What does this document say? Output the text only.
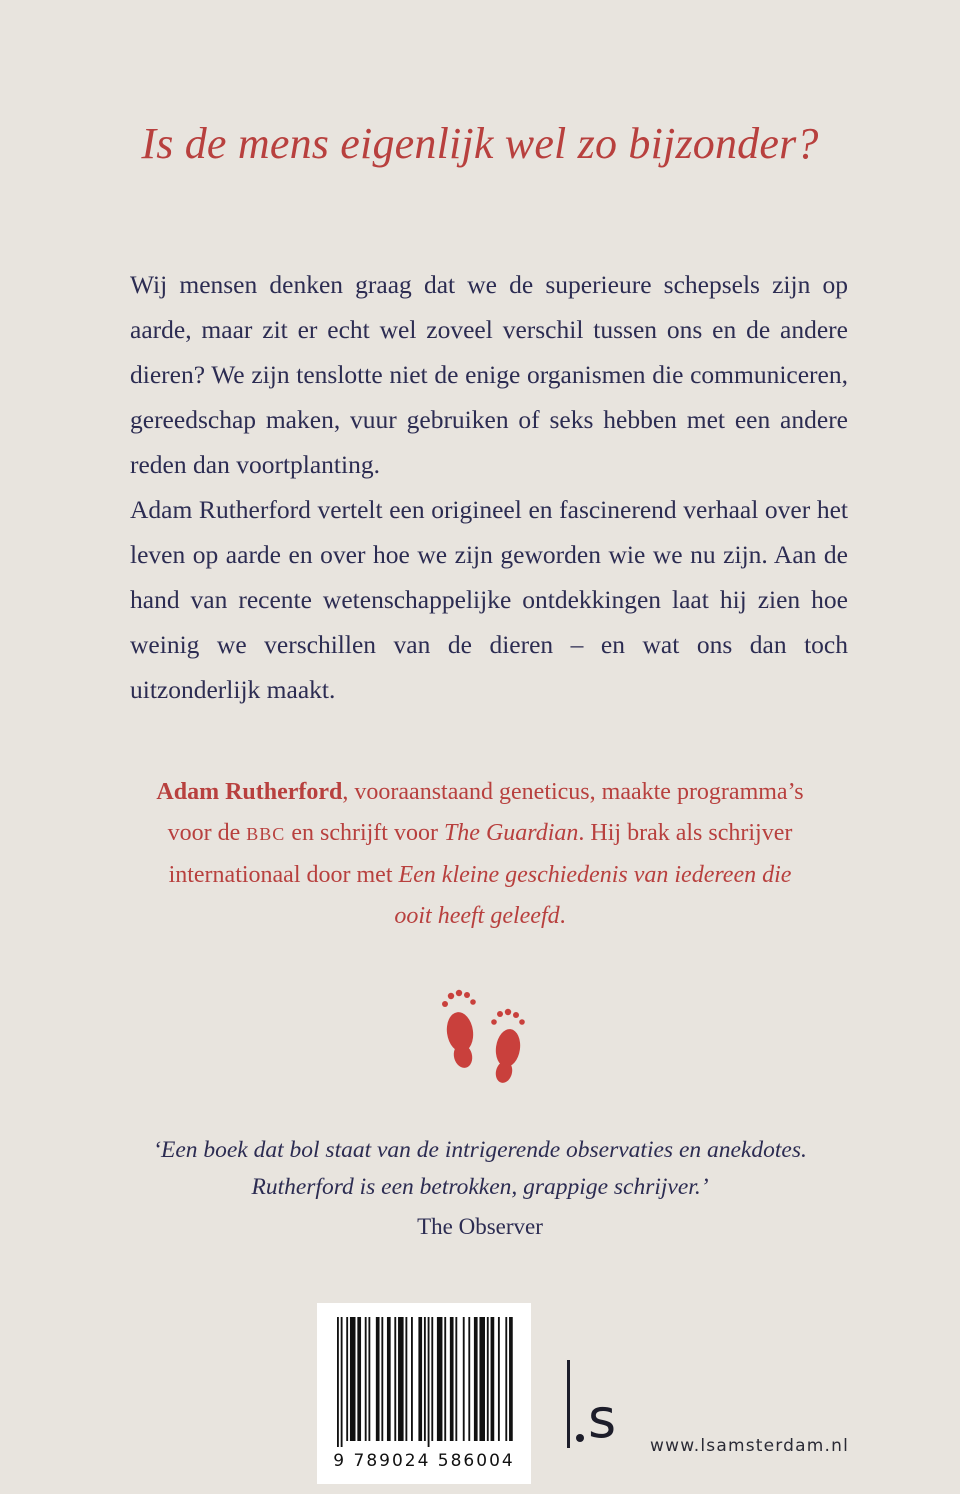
Is de mens eigenlijk wel zo bijzonder?

Wij mensen denken graag dat we de superieure schepsels zijn op aarde, maar zit er echt wel zoveel verschil tussen ons en de andere dieren? We zijn tenslotte niet de enige organismen die communiceren, gereedschap maken, vuur gebruiken of seks hebben met een andere reden dan voortplanting.

Adam Rutherford vertelt een origineel en fascinerend verhaal over het leven op aarde en over hoe we zijn geworden wie we nu zijn. Aan de hand van recente wetenschappelijke ontdekkingen laat hij zien hoe weinig we verschillen van de dieren – en wat ons dan toch uitzonderlijk maakt.

Adam Rutherford, vooraanstaand geneticus, maakte programma’s voor de BBC en schrijft voor The Guardian. Hij brak als schrijver internationaal door met Een kleine geschiedenis van iedereen die ooit heeft geleefd.

‘Een boek dat bol staat van de intrigerende observaties en anekdotes.

Rutherford is een betrokken, grappige schrijver.’

The Observer

9 789024 586004
s www.lsamsterdam.nl
